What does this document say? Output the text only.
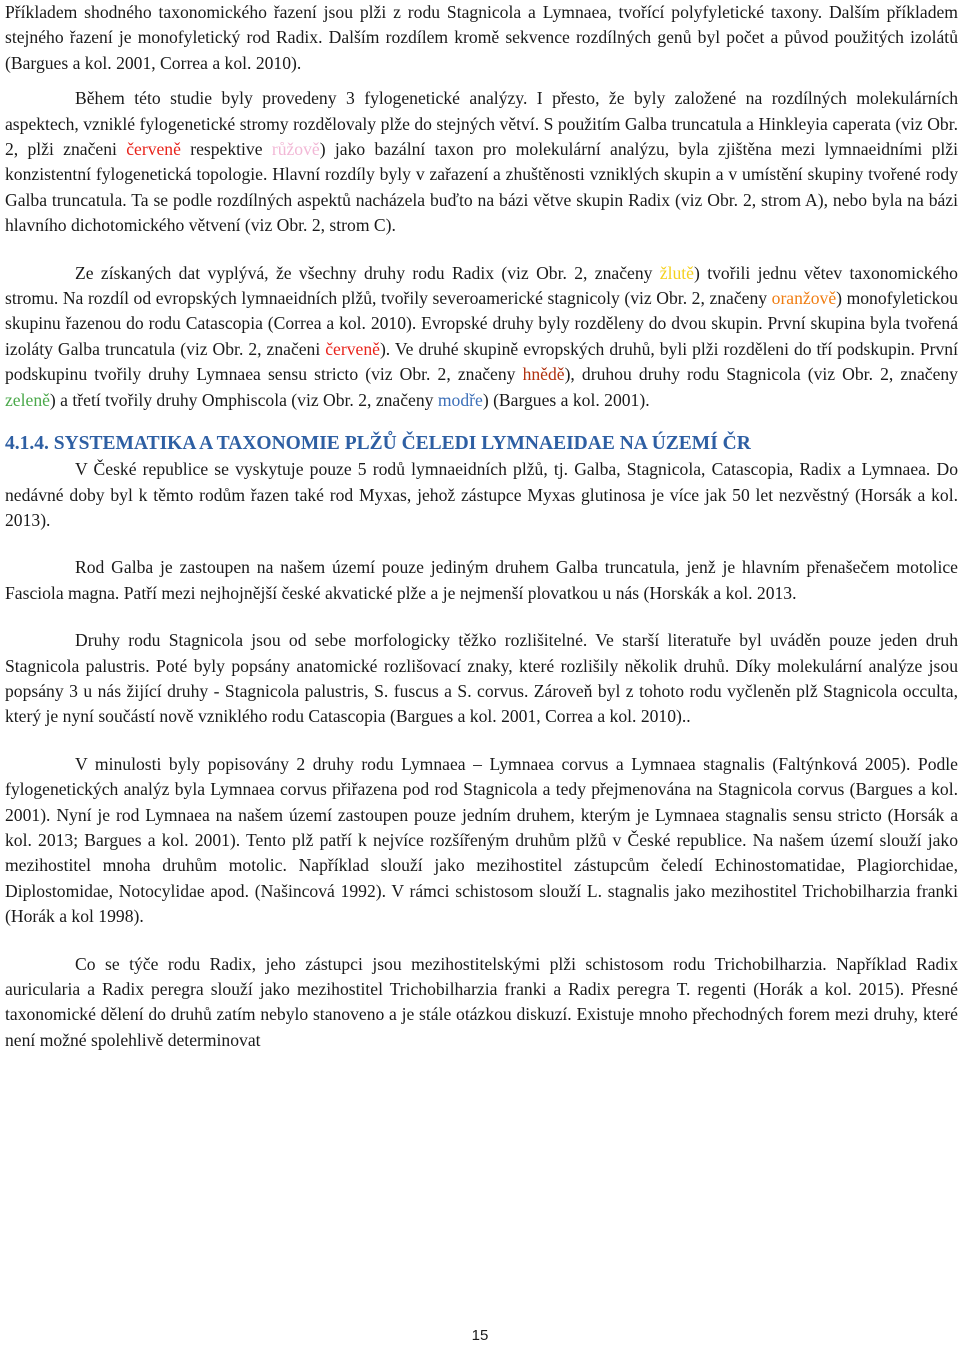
Příkladem shodného taxonomického řazení jsou plži z rodu Stagnicola a Lymnaea, tvořící polyfyletické taxony. Dalším příkladem stejného řazení je monofyletický rod Radix. Dalším rozdílem kromě sekvence rozdílných genů byl počet a původ použitých izolátů (Bargues a kol. 2001, Correa a kol. 2010).

Během této studie byly provedeny 3 fylogenetické analýzy. I přesto, že byly založené na rozdílných molekulárních aspektech, vzniklé fylogenetické stromy rozdělovaly plže do stejných větví. S použitím Galba truncatula a Hinkleyia caperata (viz Obr. 2, plži značeni červeně respektive růžově) jako bazální taxon pro molekulární analýzu, byla zjištěna mezi lymnaeidními plži konzistentní fylogenetická topologie. Hlavní rozdíly byly v zařazení a zhuštěnosti vzniklých skupin a v umístění skupiny tvořené rody Galba truncatula. Ta se podle rozdílných aspektů nacházela buďto na bázi větve skupin Radix (viz Obr. 2, strom A), nebo byla na bázi hlavního dichotomického větvení (viz Obr. 2, strom C).

Ze získaných dat vyplývá, že všechny druhy rodu Radix (viz Obr. 2, značeny žlutě) tvořili jednu větev taxonomického stromu. Na rozdíl od evropských lymnaeidních plžů, tvořily severoamerické stagnicoly (viz Obr. 2, značeny oranžově) monofyletickou skupinu řazenou do rodu Catascopia (Correa a kol. 2010). Evropské druhy byly rozděleny do dvou skupin. První skupina byla tvořená izoláty Galba truncatula (viz Obr. 2, značeni červeně). Ve druhé skupině evropských druhů, byli plži rozděleni do tří podskupin. První podskupinu tvořily druhy Lymnaea sensu stricto (viz Obr. 2, značeny hnědě), druhou druhy rodu Stagnicola (viz Obr. 2, značeny zeleně) a třetí tvořily druhy Omphiscola (viz Obr. 2, značeny modře) (Bargues a kol. 2001).

4.1.4. SYSTEMATIKA A TAXONOMIE PLŽŮ ČELEDI LYMNAEIDAE NA ÚZEMÍ ČR

V České republice se vyskytuje pouze 5 rodů lymnaeidních plžů, tj. Galba, Stagnicola, Catascopia, Radix a Lymnaea. Do nedávné doby byl k těmto rodům řazen také rod Myxas, jehož zástupce Myxas glutinosa je více jak 50 let nezvěstný (Horsák a kol. 2013).

Rod Galba je zastoupen na našem území pouze jediným druhem Galba truncatula, jenž je hlavním přenašečem motolice Fasciola magna. Patří mezi nejhojnější české akvatické plže a je nejmenší plovatkou u nás (Horskák a kol. 2013.

Druhy rodu Stagnicola jsou od sebe morfologicky těžko rozlišitelné. Ve starší literatuře byl uváděn pouze jeden druh Stagnicola palustris. Poté byly popsány anatomické rozlišovací znaky, které rozlišily několik druhů. Díky molekulární analýze jsou popsány 3 u nás žijící druhy - Stagnicola palustris, S. fuscus a S. corvus. Zároveň byl z tohoto rodu vyčleněn plž Stagnicola occulta, který je nyní součástí nově vzniklého rodu Catascopia (Bargues a kol. 2001, Correa a kol. 2010)..

V minulosti byly popisovány 2 druhy rodu Lymnaea – Lymnaea corvus a Lymnaea stagnalis (Faltýnková 2005). Podle fylogenetických analýz byla Lymnaea corvus přiřazena pod rod Stagnicola a tedy přejmenována na Stagnicola corvus (Bargues a kol. 2001). Nyní je rod Lymnaea na našem území zastoupen pouze jedním druhem, kterým je Lymnaea stagnalis sensu stricto (Horsák a kol. 2013; Bargues a kol. 2001). Tento plž patří k nejvíce rozšířeným druhům plžů v České republice. Na našem území slouží jako mezihostitel mnoha druhům motolic. Například slouží jako mezihostitel zástupcům čeledí Echinostomatidae, Plagiorchidae, Diplostomidae, Notocylidae apod. (Našincová 1992). V rámci schistosom slouží L. stagnalis jako mezihostitel Trichobilharzia franki (Horák a kol 1998).

Co se týče rodu Radix, jeho zástupci jsou mezihostitelskými plži schistosom rodu Trichobilharzia. Například Radix auricularia a Radix peregra slouží jako mezihostitel Trichobilharzia franki a Radix peregra T. regenti (Horák a kol. 2015). Přesné taxonomické dělení do druhů zatím nebylo stanoveno a je stále otázkou diskuzí. Existuje mnoho přechodných forem mezi druhy, které není možné spolehlivě determinovat

15
